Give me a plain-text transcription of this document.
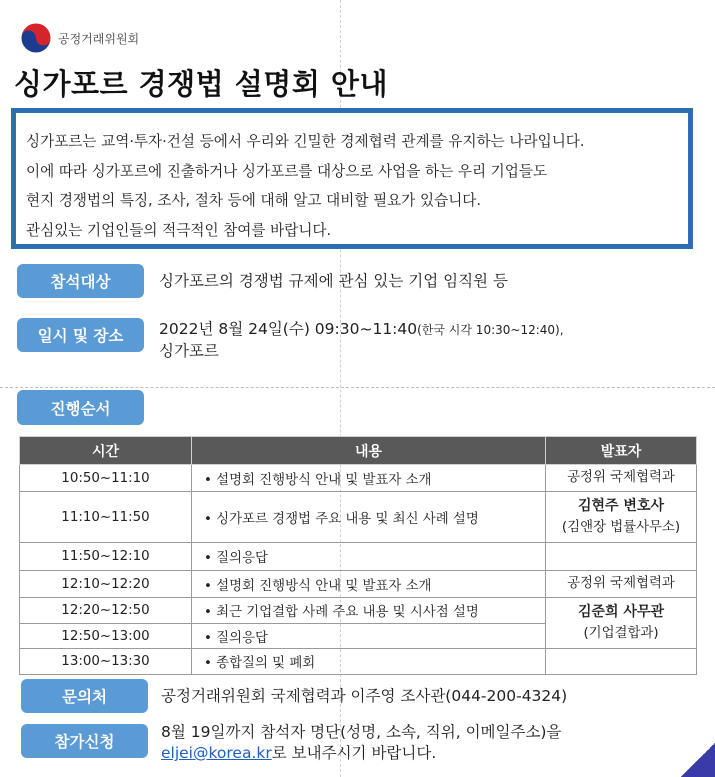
공정거래위원회
싱가포르 경쟁법 설명회 안내

싱가포르는 교역·투자·건설 등에서 우리와 긴밀한 경제협력 관계를 유지하는 나라입니다.

이에 따라 싱가포르에 진출하거나 싱가포르를 대상으로 사업을 하는 우리 기업들도

현지 경쟁법의 특징, 조사, 절차 등에 대해 알고 대비할 필요가 있습니다.

관심있는 기업인들의 적극적인 참여를 바랍니다.

참석대상	싱가포르의 경쟁법 규제에 관심 있는 기업 임직원 등
일시 및 장소	2022년 8월 24일(수) 09:30~11:40(한국 시각 10:30~12:40),
싱가포르
진행순서
시간	내용	발표자
10:50~11:10	• 설명회 진행방식 안내 및 발표자 소개	공정위 국제협력과
11:10~11:50	• 싱가포르 경쟁법 주요 내용 및 최신 사례 설명	김현주 변호사
(김앤장 법률사무소)

11:50~12:10	• 질의응답	
12:10~12:20	• 설명회 진행방식 안내 및 발표자 소개	공정위 국제협력과
12:20~12:50	• 최근 기업결합 사례 주요 내용 및 시사점 설명	김준희 사무관
(기업결합과)

12:50~13:00	• 질의응답	
13:00~13:30	• 종합질의 및 폐회	
문의처	공정거래위원회 국제협력과 이주영 조사관(044-200-4324)
참가신청
8월 19일까지 참석자 명단(성명, 소속, 직위, 이메일주소)을
eljei@korea.kr로 보내주시기 바랍니다.
